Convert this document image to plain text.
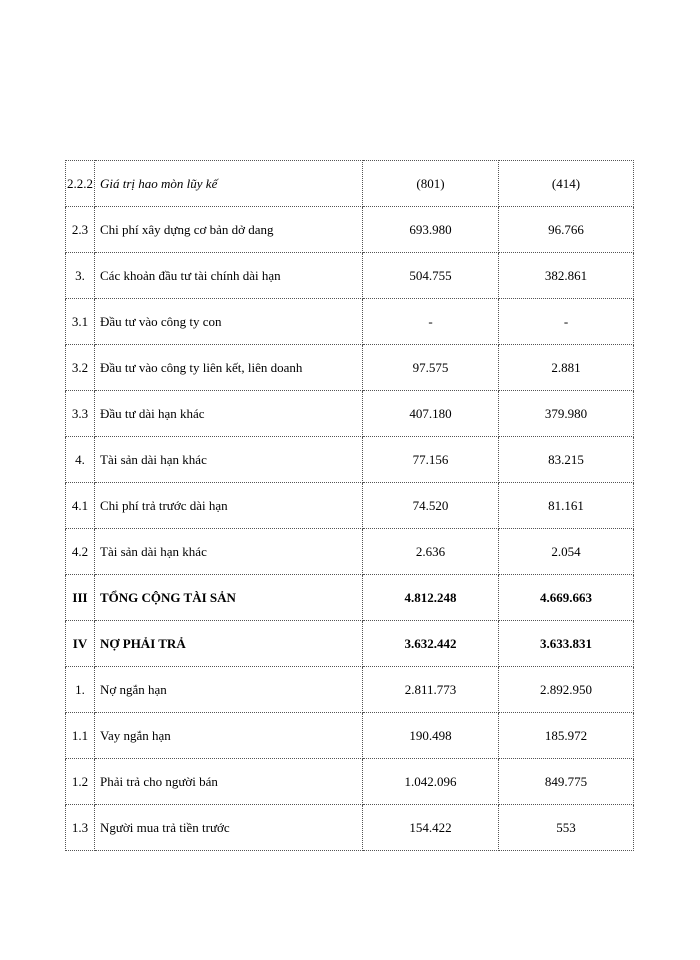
2.2.2	Giá trị hao mòn lũy kế	(801)	(414)
2.3	Chi phí xây dựng cơ bản dở dang	693.980	96.766
3.	Các khoản đầu tư tài chính dài hạn	504.755	382.861
3.1	Đầu tư vào công ty con	-	-
3.2	Đầu tư vào công ty liên kết, liên doanh	97.575	2.881
3.3	Đầu tư dài hạn khác	407.180	379.980
4.	Tài sản dài hạn khác	77.156	83.215
4.1	Chi phí trả trước dài hạn	74.520	81.161
4.2	Tài sản dài hạn khác	2.636	2.054
III	TỔNG CỘNG TÀI SẢN	4.812.248	4.669.663
IV	NỢ PHẢI TRẢ	3.632.442	3.633.831
1.	Nợ ngắn hạn	2.811.773	2.892.950
1.1	Vay ngắn hạn	190.498	185.972
1.2	Phải trả cho người bán	1.042.096	849.775
1.3	Người mua trả tiền trước	154.422	553
